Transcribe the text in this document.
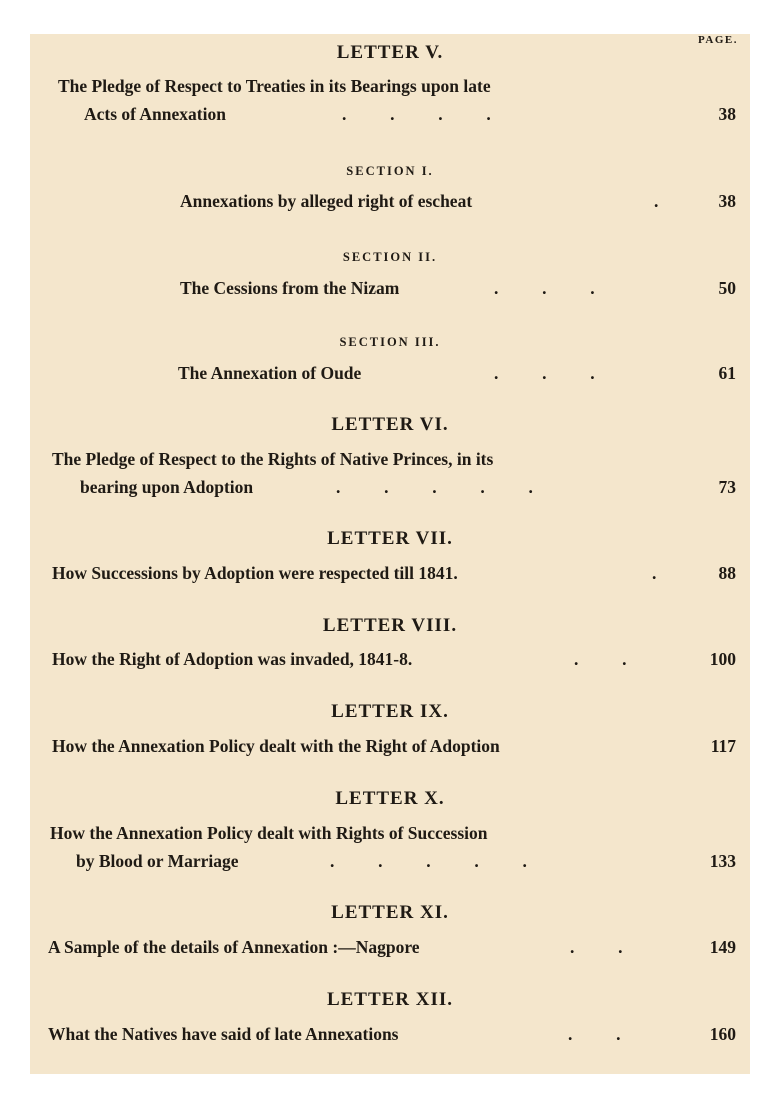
PAGE.
LETTER V.
The Pledge of Respect to Treaties in its Bearings upon late
Acts of Annexation	.          .          .          .	38
SECTION I.
Annexations by alleged right of escheat	.	38
SECTION II.
The Cessions from the Nizam	.          .          .	50
SECTION III.
The Annexation of Oude	.          .          .	61
LETTER VI.
The Pledge of Respect to the Rights of Native Princes, in its
bearing upon Adoption	.          .          .          .          .	73
LETTER VII.
How Successions by Adoption were respected till 1841.	.	88
LETTER VIII.
How the Right of Adoption was invaded, 1841-8.	.          .	100
LETTER IX.
How the Annexation Policy dealt with the Right of Adoption	117
LETTER X.
How the Annexation Policy dealt with Rights of Succession
by Blood or Marriage	.          .          .          .          .	133
LETTER XI.
A Sample of the details of Annexation :—Nagpore	.          .	149
LETTER XII.
What the Natives have said of late Annexations	.          .	160
